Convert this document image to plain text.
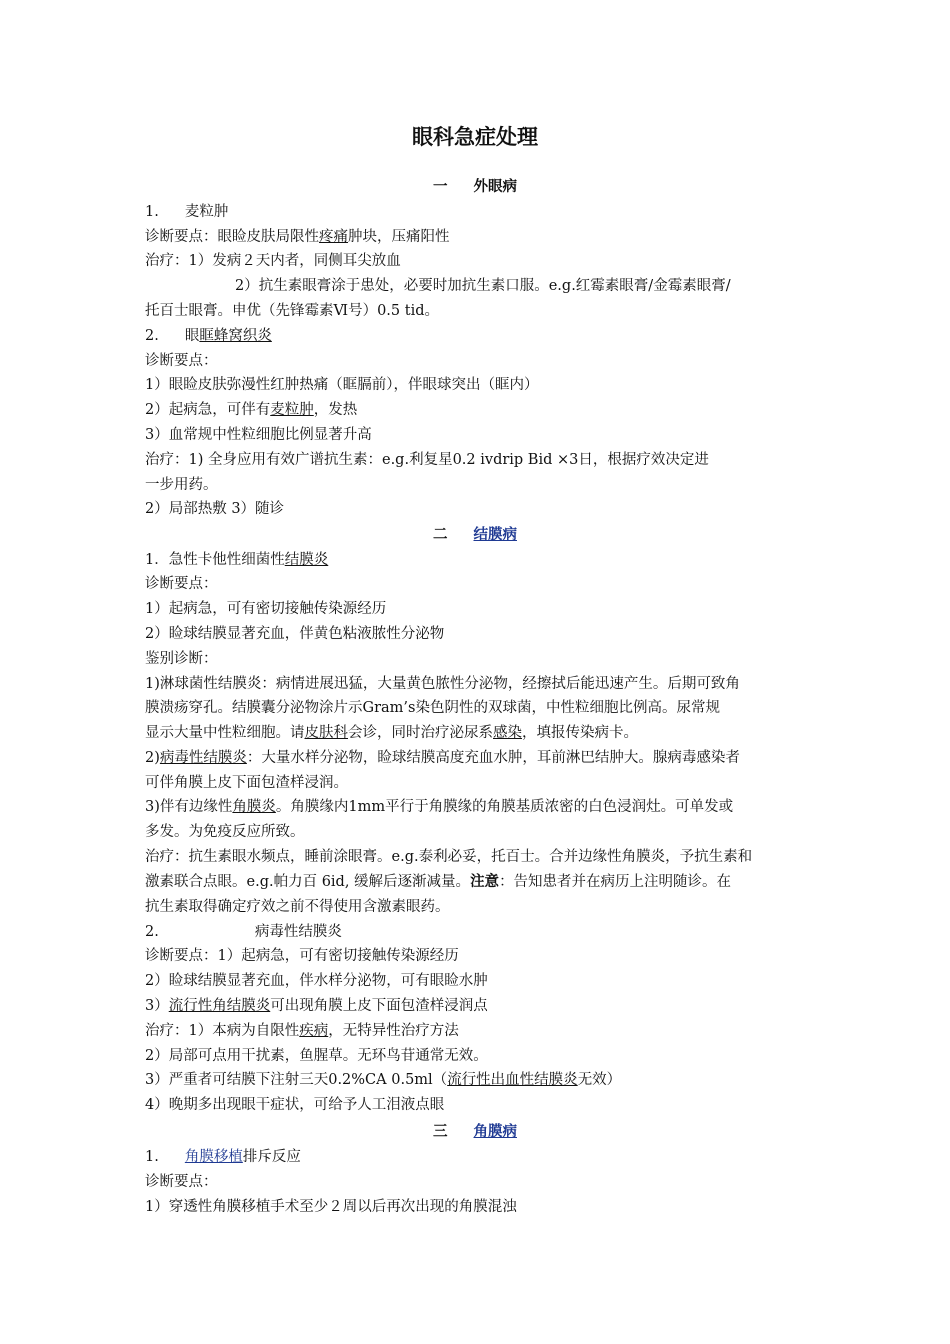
眼科急症处理
一 外眼病
1. 麦粒肿
诊断要点：眼睑皮肤局限性疼痛肿块，压痛阳性
治疗：1）发病２天内者，同侧耳尖放血
2）抗生素眼膏涂于患处，必要时加抗生素口服。e.g.红霉素眼膏/金霉素眼膏/
托百士眼膏。申优（先锋霉素Ⅵ号）0.5 tid。
2. 眼眶蜂窝织炎
诊断要点：
1）眼睑皮肤弥漫性红肿热痛（眶膈前），伴眼球突出（眶内）
2）起病急，可伴有麦粒肿，发热
3）血常规中性粒细胞比例显著升高
治疗：1) 全身应用有效广谱抗生素：e.g.利复星0.2 ivdrip Bid ×3日，根据疗效决定进
一步用药。
2）局部热敷 3）随诊
二 结膜病
1．急性卡他性细菌性结膜炎
诊断要点：
1）起病急，可有密切接触传染源经历
2）睑球结膜显著充血，伴黄色粘液脓性分泌物
鉴别诊断：
1)淋球菌性结膜炎：病情进展迅猛，大量黄色脓性分泌物，经擦拭后能迅速产生。后期可致角
膜溃疡穿孔。结膜囊分泌物涂片示Gram’s染色阴性的双球菌，中性粒细胞比例高。尿常规
显示大量中性粒细胞。请皮肤科会诊，同时治疗泌尿系感染，填报传染病卡。
2)病毒性结膜炎：大量水样分泌物，睑球结膜高度充血水肿，耳前淋巴结肿大。腺病毒感染者
可伴角膜上皮下面包渣样浸润。
3)伴有边缘性角膜炎。角膜缘内1mm平行于角膜缘的角膜基质浓密的白色浸润灶。可单发或
多发。为免疫反应所致。
治疗：抗生素眼水频点，睡前涂眼膏。e.g.泰利必妥，托百士。合并边缘性角膜炎，予抗生素和
激素联合点眼。e.g.帕力百 6id, 缓解后逐渐减量。注意：告知患者并在病历上注明随诊。在
抗生素取得确定疗效之前不得使用含激素眼药。
2.	病毒性结膜炎
诊断要点：1）起病急，可有密切接触传染源经历
2）睑球结膜显著充血，伴水样分泌物，可有眼睑水肿
3）流行性角结膜炎可出现角膜上皮下面包渣样浸润点
治疗：1）本病为自限性疾病，无特异性治疗方法
2）局部可点用干扰素，鱼腥草。无环鸟苷通常无效。
3）严重者可结膜下注射三天0.2%CA 0.5ml（流行性出血性结膜炎无效）
4）晚期多出现眼干症状，可给予人工泪液点眼
三 角膜病
1. 角膜移植排斥反应
诊断要点：
1）穿透性角膜移植手术至少２周以后再次出现的角膜混浊
